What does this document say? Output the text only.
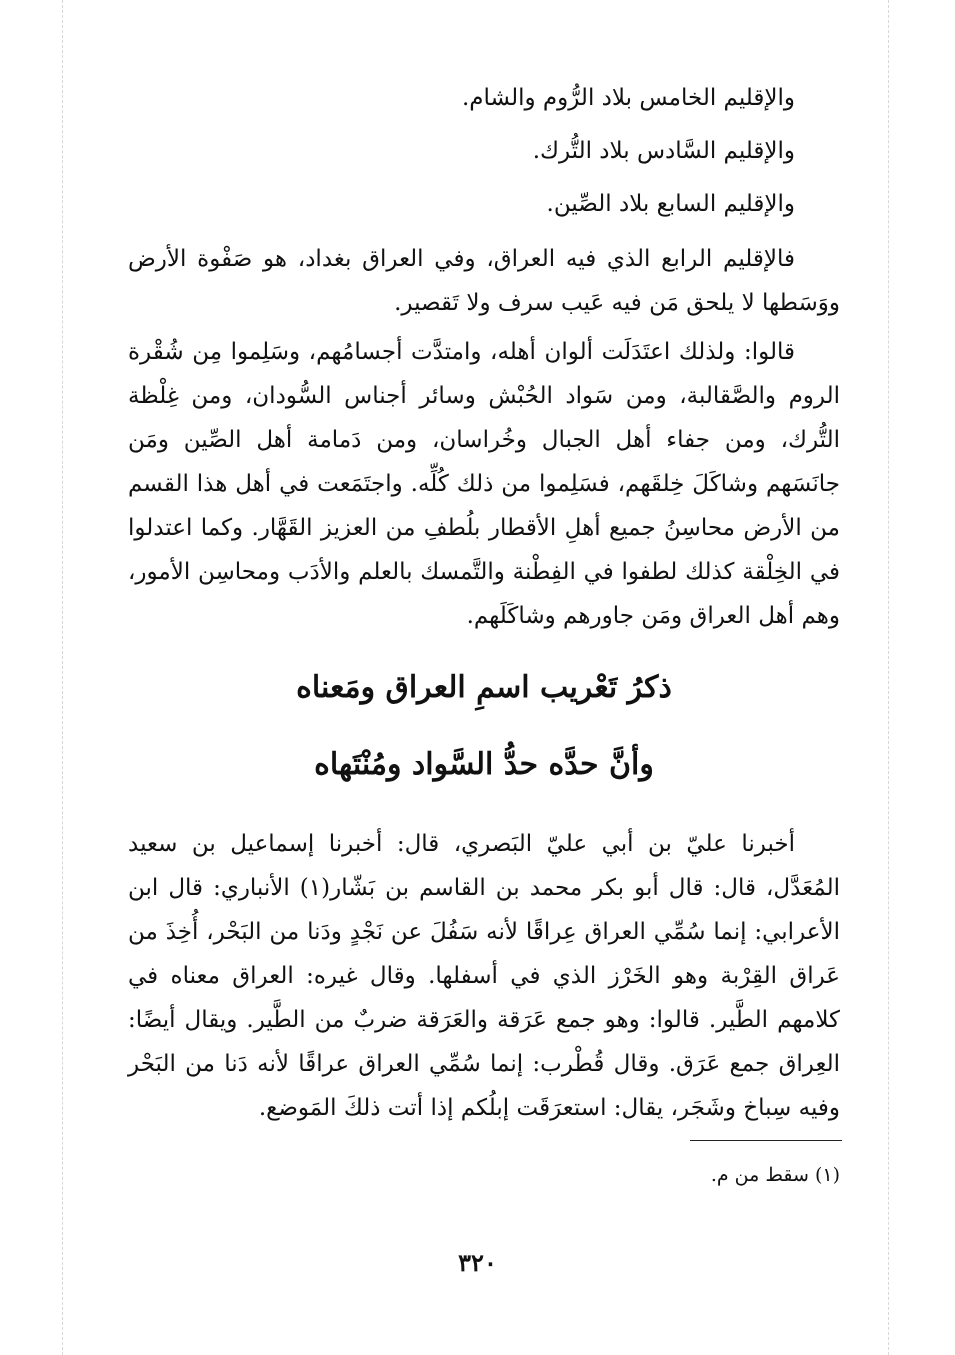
والإقليم الخامس بلاد الرُّوم والشام.
والإقليم السَّادس بلاد التُّرك.
والإقليم السابع بلاد الصِّين.

فالإقليم الرابع الذي فيه العراق، وفي العراق بغداد، هو صَفْوة الأرض ووَسَطها لا يلحق مَن فيه عَيب سرف ولا تَقصير.

قالوا: ولذلك اعتَدَلَت ألوان أهله، وامتدَّت أجسامُهم، وسَلِموا مِن شُقْرة الروم والصَّقالبة، ومن سَواد الحُبْش وسائر أجناس السُّودان، ومن غِلْظة التُّرك، ومن جفاء أهل الجبال وخُراسان، ومن دَمامة أهل الصِّين ومَن جانَسَهم وشاكَلَ خِلقَهم، فسَلِموا من ذلك كُلِّه. واجتَمَعت في أهل هذا القسم من الأرض محاسِنُ جميع أهلِ الأقطار بلُطفِ من العزيز القَهَّار. وكما اعتدلوا في الخِلْقة كذلك لطفوا في الفِطْنة والتَّمسك بالعلم والأدَب ومحاسِن الأمور، وهم أهل العراق ومَن جاورهم وشاكَلَهم.

ذكرُ تَعْريب اسمِ العراق ومَعناه
وأنَّ حدَّه حدُّ السَّواد ومُنْتَهاه

أخبرنا عليّ بن أبي عليّ البَصري، قال: أخبرنا إسماعيل بن سعيد المُعَدَّل، قال: قال أبو بكر محمد بن القاسم بن بَشّار(١) الأنباري: قال ابن الأعرابي: إنما سُمِّي العراق عِراقًا لأنه سَفُلَ عن نَجْدٍ ودَنا من البَحْر، أُخِذَ من عَراق القِرْبة وهو الخَرْز الذي في أسفلها. وقال غيره: العراق معناه في كلامهم الطَّير. قالوا: وهو جمع عَرَقة والعَرَقة ضربٌ من الطَّير. ويقال أيضًا: العِراق جمع عَرَق. وقال قُطْرب: إنما سُمِّي العراق عراقًا لأنه دَنا من البَحْر وفيه سِباخ وشَجَر، يقال: استعرَقَت إبلُكم إذا أتت ذلكَ المَوضع.

(١) سقط من م.
٣٢٠
